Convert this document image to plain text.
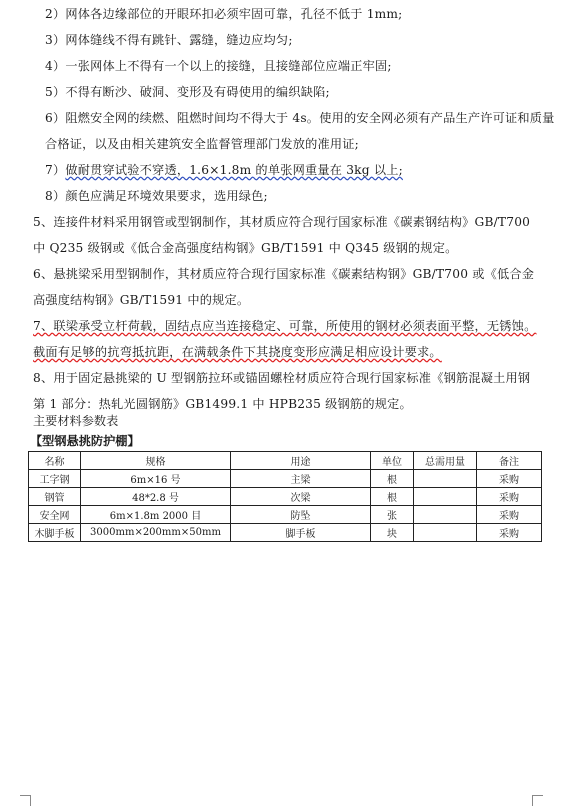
2）网体各边缘部位的开眼环扣必须牢固可靠，孔径不低于 1mm;
3）网体缝线不得有跳针、露缝，缝边应均匀;
4）一张网体上不得有一个以上的接缝，且接缝部位应端正牢固;
5）不得有断沙、破洞、变形及有碍使用的编织缺陷;
6）阻燃安全网的续燃、阻燃时间均不得大于 4s。使用的安全网必须有产品生产许可证和质量合格证，以及由相关建筑安全监督管理部门发放的准用证;
7）做耐贯穿试验不穿透，1.6×1.8m 的单张网重量在 3kg 以上;
8）颜色应满足环境效果要求，选用绿色;
5、连接件材料采用钢管或型钢制作，其材质应符合现行国家标准《碳素钢结构》GB/T700 中 Q235 级钢或《低合金高强度结构钢》GB/T1591 中 Q345 级钢的规定。
6、悬挑梁采用型钢制作，其材质应符合现行国家标准《碳素结构钢》GB/T700 或《低合金高强度结构钢》GB/T1591 中的规定。
7、联梁承受立杆荷载，固结点应当连接稳定、可靠，所使用的钢材必须表面平整，无锈蚀。截面有足够的抗弯抵抗距，在满载条件下其挠度变形应满足相应设计要求。
8、用于固定悬挑梁的 U 型钢筋拉环或锚固螺栓材质应符合现行国家标准《钢筋混凝土用钢 第 1 部分：热轧光圆钢筋》GB1499.1 中 HPB235 级钢筋的规定。
主要材料参数表
【型钢悬挑防护棚】
名称	规格	用途	单位	总需用量	备注
工字钢	6m×16 号	主梁	根		采购
钢管	48*2.8 号	次梁	根		采购
安全网	6m×1.8m 2000 目	防坠	张		采购
木脚手板	3000mm×200mm×50mm	脚手板	块		采购
